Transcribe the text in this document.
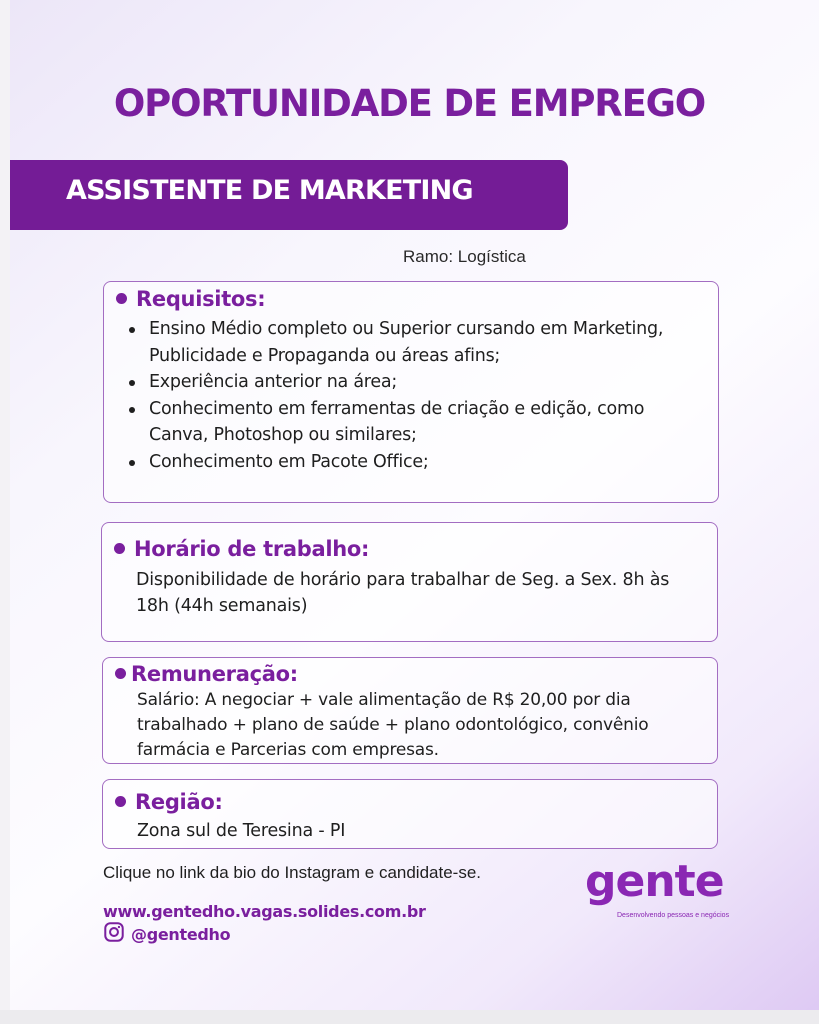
OPORTUNIDADE DE EMPREGO
ASSISTENTE DE MARKETING
Ramo: Logística
Requisitos:
Ensino Médio completo ou Superior cursando em Marketing, Publicidade e Propaganda ou áreas afins;
Experiência anterior na área;
Conhecimento em ferramentas de criação e edição, como Canva, Photoshop ou similares;
Conhecimento em Pacote Office;
Horário de trabalho:

Disponibilidade de horário para trabalhar de Seg. a Sex. 8h às 18h (44h semanais)

Remuneração:

Salário: A negociar + vale alimentação de R$ 20,00 por dia trabalhado + plano de saúde + plano odontológico, convênio farmácia e Parcerias com empresas.

Região:

Zona sul de Teresina - PI

Clique no link da bio do Instagram e candidate-se.
www.gentedho.vagas.solides.com.br
@gentedho
gente
Desenvolvendo pessoas e negócios
